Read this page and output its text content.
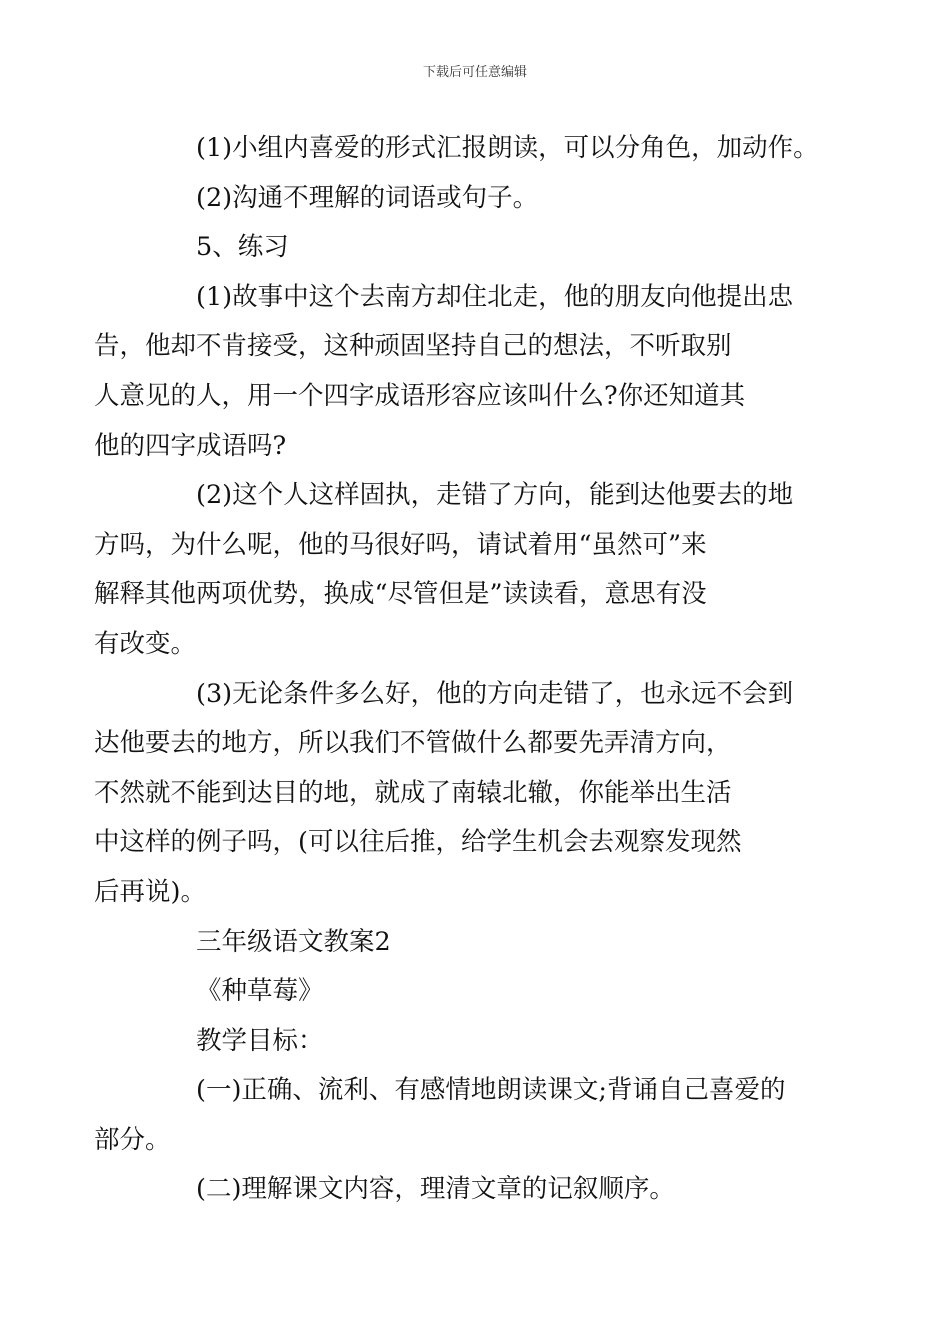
下载后可任意编辑
(1)小组内喜爱的形式汇报朗读，可以分角色，加动作。
(2)沟通不理解的词语或句子。
5、练习
(1)故事中这个去南方却住北走，他的朋友向他提出忠
告，他却不肯接受，这种顽固坚持自己的想法，不听取别
人意见的人，用一个四字成语形容应该叫什么?你还知道其
他的四字成语吗?
(2)这个人这样固执，走错了方向，能到达他要去的地
方吗，为什么呢，他的马很好吗，请试着用“虽然可”来
解释其他两项优势，换成“尽管但是”读读看，意思有没
有改变。
(3)无论条件多么好，他的方向走错了，也永远不会到
达他要去的地方，所以我们不管做什么都要先弄清方向，
不然就不能到达目的地，就成了南辕北辙，你能举出生活
中这样的例子吗，(可以往后推，给学生机会去观察发现然
后再说)。
三年级语文教案2
《种草莓》
教学目标：
(一)正确、流利、有感情地朗读课文;背诵自己喜爱的
部分。
(二)理解课文内容，理清文章的记叙顺序。
